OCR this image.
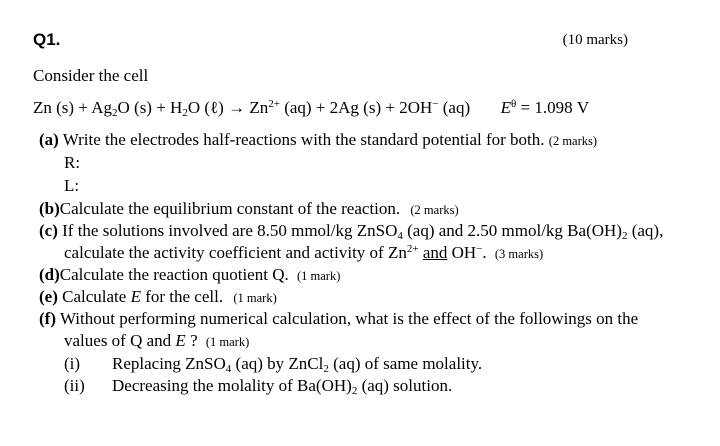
Q1.	(10 marks)
Consider the cell
Zn $(s) + Ag_2O$ $(s) + H_2O$ (ℓ) → $Zn^{2+}$ (aq) + 2Ag (s) + 2OH− (aq) $E^\theta = 1.098$ V
(a) Write the electrodes half-reactions with the standard potential for both. (2 marks)
R:
L:
(b)Calculate the equilibrium constant of the reaction. (2 marks)
(c) If the solutions involved are 8.50 mmol/kg ZnSO$_4$ (aq) and 2.50 mmol/kg $Ba(OH)_2$ (aq),
calculate the activity coefficient and activity of $Zn^{2+}$ and OH−. (3 marks)
(d)Calculate the reaction quotient Q. (1 mark)
(e) Calculate E for the cell. (1 mark)
(f) Without performing numerical calculation, what is the effect of the followings on the
values of Q and E ? (1 mark)
(i) Replacing ZnSO$_4$ (aq) by ZnCl$_2$ (aq) of same molality.
(ii) Decreasing the molality of $Ba(OH)_2$ (aq) solution.
